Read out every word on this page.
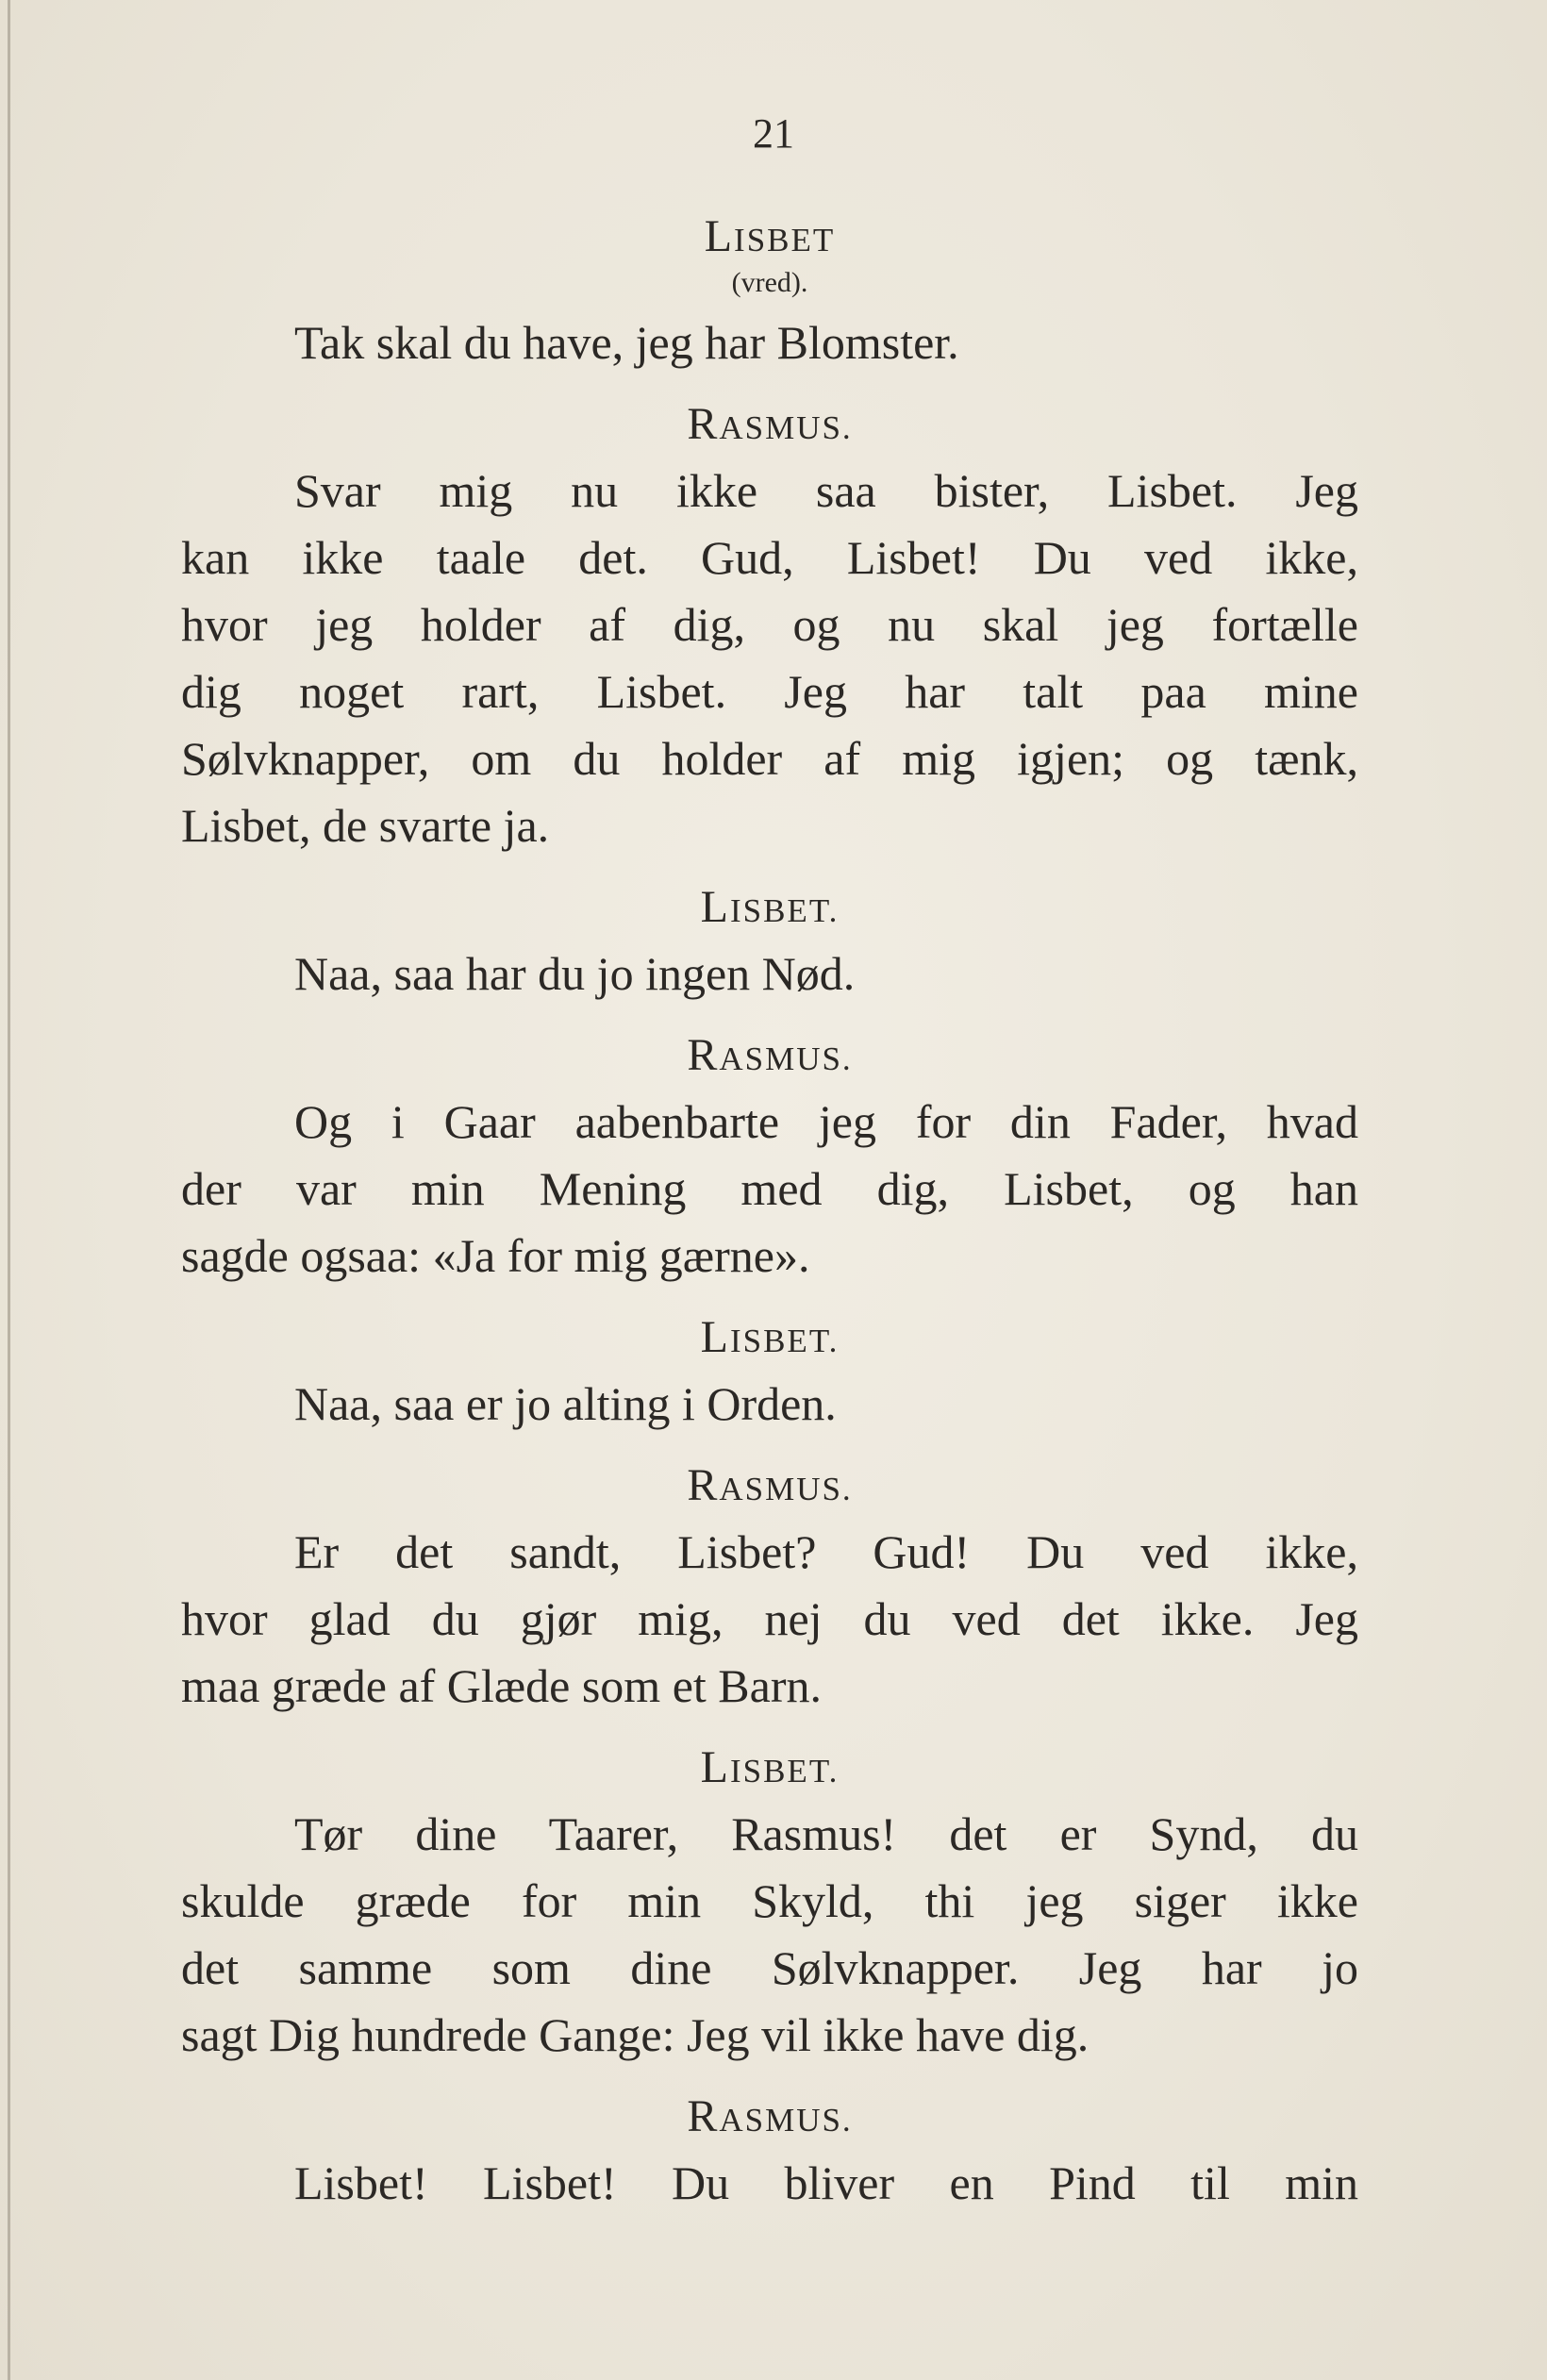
21
LISBET
(vred).
Tak skal du have, jeg har Blomster.
RASMUS.
Svar mig nu ikke saa bister, Lisbet. Jeg
kan ikke taale det. Gud, Lisbet! Du ved ikke,
hvor jeg holder af dig, og nu skal jeg fortælle
dig noget rart, Lisbet. Jeg har talt paa mine
Sølvknapper, om du holder af mig igjen; og tænk,
Lisbet, de svarte ja.
LISBET.
Naa, saa har du jo ingen Nød.
RASMUS.
Og i Gaar aabenbarte jeg for din Fader, hvad
der var min Mening med dig, Lisbet, og han
sagde ogsaa: «Ja for mig gærne».
LISBET.
Naa, saa er jo alting i Orden.
RASMUS.
Er det sandt, Lisbet? Gud! Du ved ikke,
hvor glad du gjør mig, nej du ved det ikke. Jeg
maa græde af Glæde som et Barn.
LISBET.
Tør dine Taarer, Rasmus! det er Synd, du
skulde græde for min Skyld, thi jeg siger ikke
det samme som dine Sølvknapper. Jeg har jo
sagt Dig hundrede Gange: Jeg vil ikke have dig.
RASMUS.
Lisbet! Lisbet! Du bliver en Pind til min
